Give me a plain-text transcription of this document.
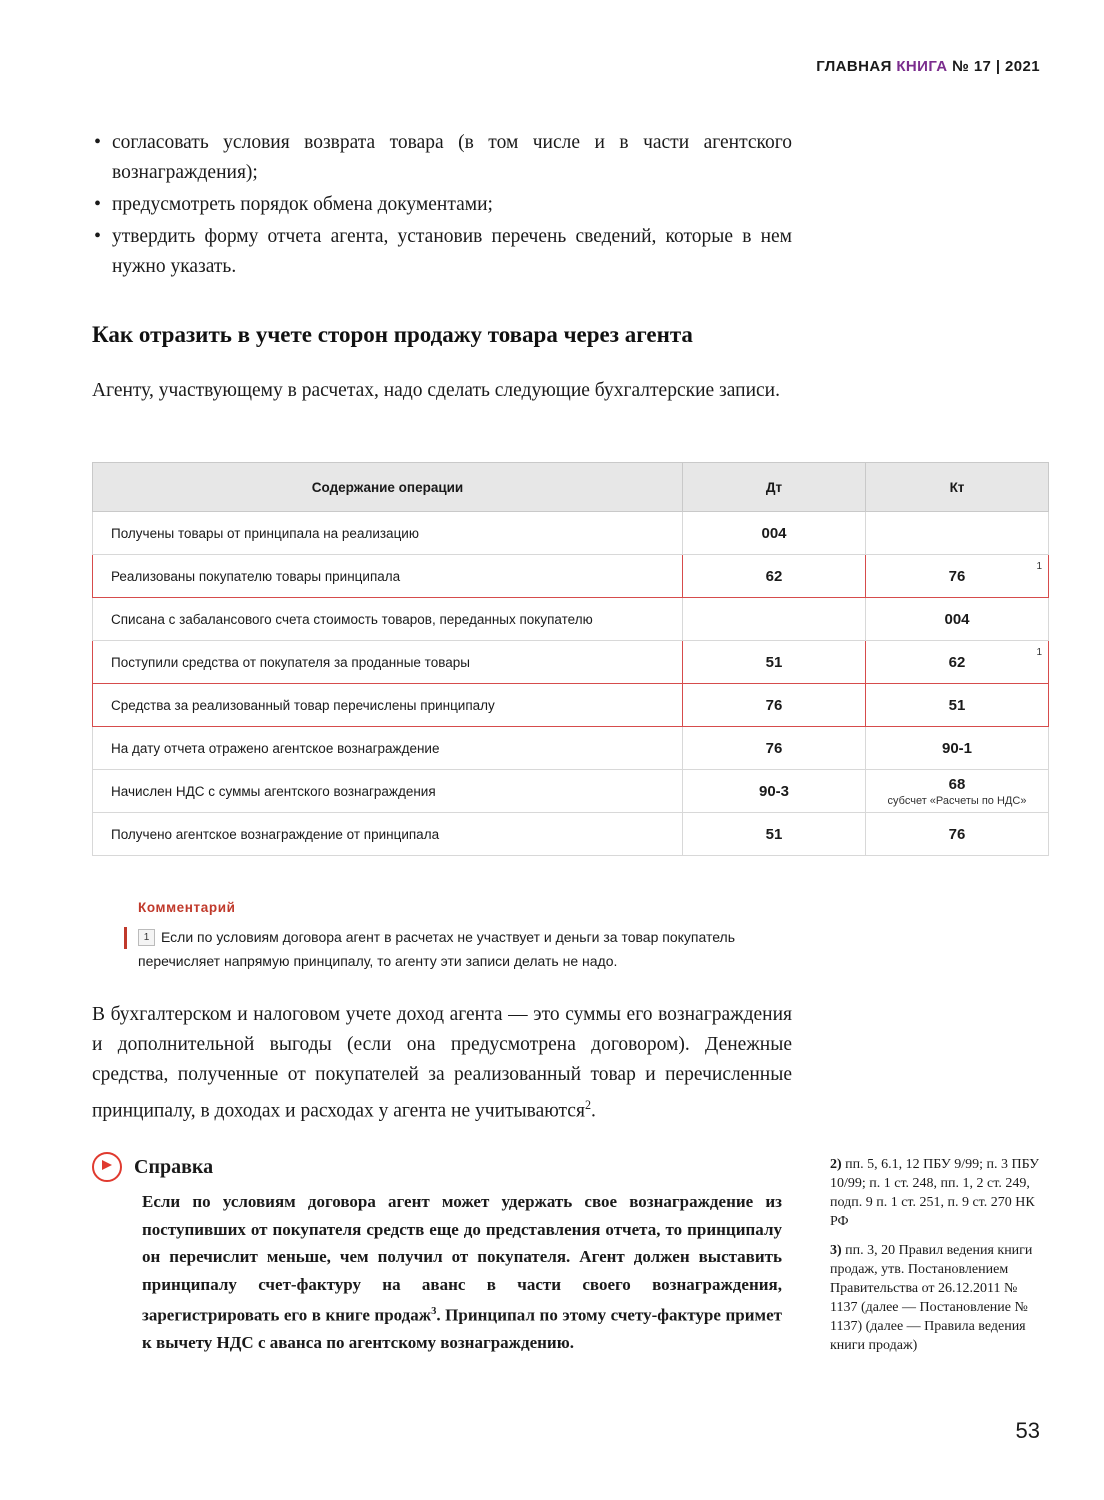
ГЛАВНАЯ КНИГА № 17 | 2021
• согласовать условия возврата товара (в том числе и в части агентского вознаграждения);
• предусмотреть порядок обмена документами;
• утвердить форму отчета агента, установив перечень сведений, которые в нем нужно указать.
Как отразить в учете сторон продажу товара через агента

Агенту, участвующему в расчетах, надо сделать следующие бухгалтерские записи.

Содержание операции	Дт	Кт
Получены товары от принципала на реализацию	004	
Реализованы покупателю товары принципала	62	76
1

Списана с забалансового счета стоимость товаров, переданных покупателю		004
Поступили средства от покупателя за проданные товары	51	62
1

Средства за реализованный товар перечислены принципалу	76	51
На дату отчета отражено агентское вознаграждение	76	90-1
Начислен НДС с суммы агентского вознаграждения	90-3	68
субсчет «Расчеты по НДС»

Получено агентское вознаграждение от принципала	51	76
Комментарий
1 Если по условиям договора агент в расчетах не участвует и деньги за товар покупатель перечисляет напрямую принципалу, то агенту эти записи делать не надо.
В бухгалтерском и налоговом учете доход агента — это суммы его вознаграждения и дополнительной выгоды (если она предусмотрена договором). Денежные средства, полученные от покупателей за реализованный товар и перечисленные принципалу, в доходах и расходах у агента не учитываются$^2$.
Справка
Если по условиям договора агент может удержать свое вознаграждение из поступивших от покупателя средств еще до представления отчета, то принципалу он перечислит меньше, чем получил от покупателя. Агент должен выставить принципалу счет-фактуру на аванс в части своего вознаграждения, зарегистрировать его в книге продаж$^3$. Принципал по этому счету-фактуре примет к вычету НДС с аванса по агентскому вознаграждению.

2) пп. 5, 6.1, 12 ПБУ 9/99; п. 3 ПБУ 10/99; п. 1 ст. 248, пп. 1, 2 ст. 249, подп. 9 п. 1 ст. 251, п. 9 ст. 270 НК РФ

3) пп. 3, 20 Правил ведения книги продаж, утв. Постановлением Правительства от 26.12.2011 № 1137 (далее — Постановление № 1137) (далее — Правила ведения книги продаж)

53
